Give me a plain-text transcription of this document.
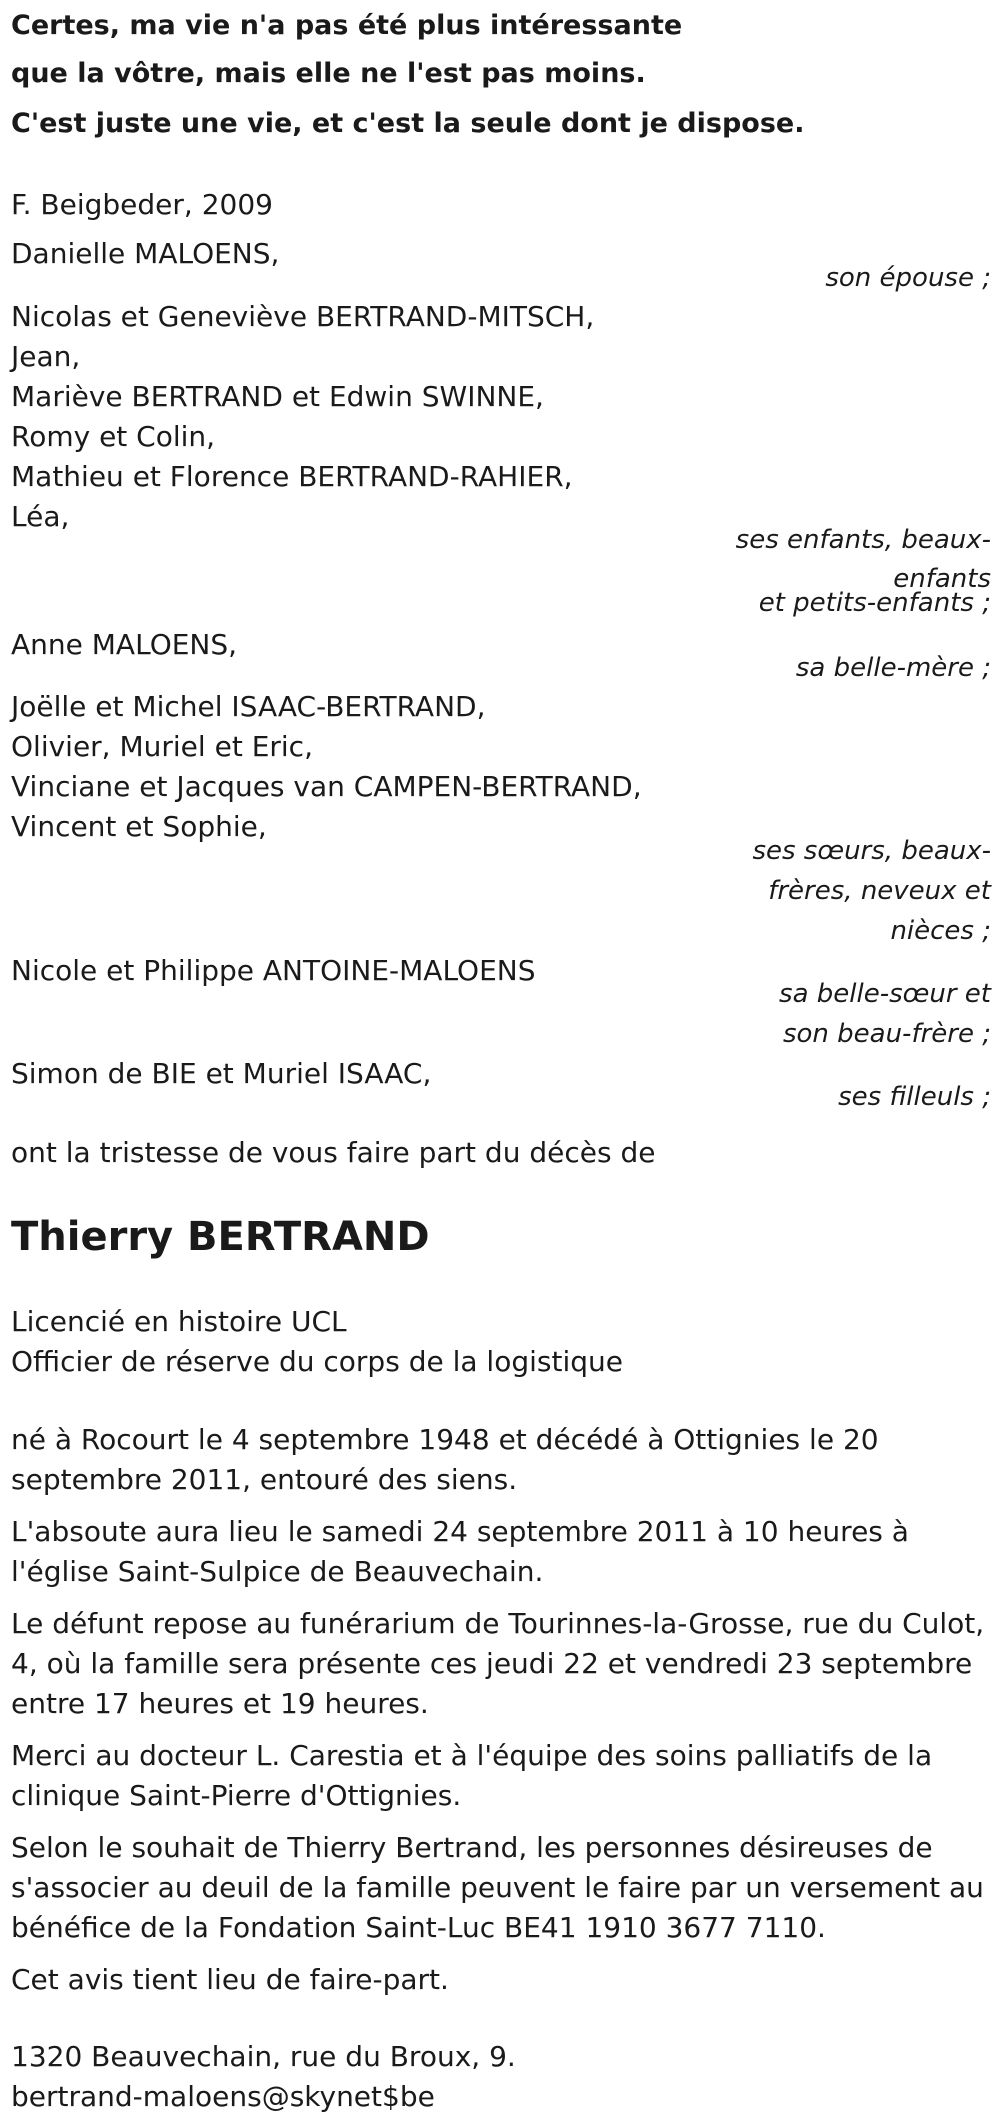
Certes, ma vie n'a pas été plus intéressante

que la vôtre, mais elle ne l'est pas moins.

C'est juste une vie, et c'est la seule dont je dispose.

F. Beigbeder, 2009

Danielle MALOENS,

son épouse ;

Nicolas et Geneviève BERTRAND-MITSCH,

Jean,

Mariève BERTRAND et Edwin SWINNE,

Romy et Colin,

Mathieu et Florence BERTRAND-RAHIER,

Léa,

ses enfants, beaux-

enfants

et petits-enfants ;

Anne MALOENS,

sa belle-mère ;

Joëlle et Michel ISAAC-BERTRAND,

Olivier, Muriel et Eric,

Vinciane et Jacques van CAMPEN-BERTRAND,

Vincent et Sophie,

ses sœurs, beaux-

frères, neveux et

nièces ;

Nicole et Philippe ANTOINE-MALOENS

sa belle-sœur et

son beau-frère ;

Simon de BIE et Muriel ISAAC,

ses filleuls ;

ont la tristesse de vous faire part du décès de

Thierry BERTRAND

Licencié en histoire UCL

Officier de réserve du corps de la logistique

né à Rocourt le 4 septembre 1948 et décédé à Ottignies le 20 septembre 2011, entouré des siens.

L'absoute aura lieu le samedi 24 septembre 2011 à 10 heures à l'église Saint-Sulpice de Beauvechain.

Le défunt repose au funérarium de Tourinnes-la-Grosse, rue du Culot, 4, où la famille sera présente ces jeudi 22 et vendredi 23 septembre entre 17 heures et 19 heures.

Merci au docteur L. Carestia et à l'équipe des soins palliatifs de la clinique Saint-Pierre d'Ottignies.

Selon le souhait de Thierry Bertrand, les personnes désireuses de s'associer au deuil de la famille peuvent le faire par un versement au bénéfice de la Fondation Saint-Luc BE41 1910 3677 7110.

Cet avis tient lieu de faire-part.

1320 Beauvechain, rue du Broux, 9.

bertrand-maloens@skynet$be
